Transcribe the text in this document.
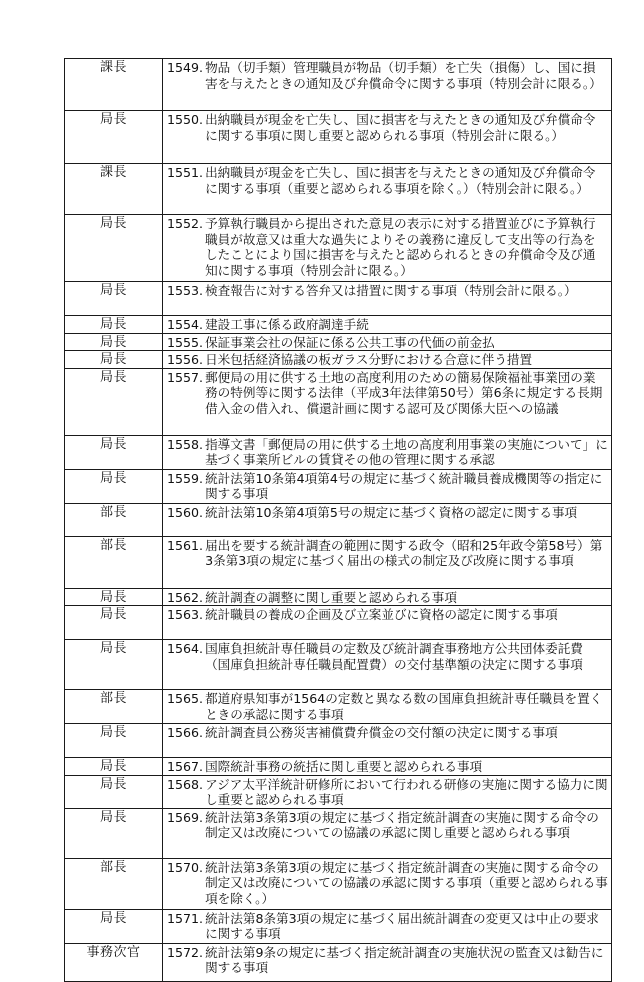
課長	1549. 物品（切手類）管理職員が物品（切手類）を亡失（損傷）し、国に損害を与えたときの通知及び弁償命令に関する事項（特別会計に限る。）

局長	1550. 出納職員が現金を亡失し、国に損害を与えたときの通知及び弁償命令に関する事項に関し重要と認められる事項（特別会計に限る。）

課長	1551. 出納職員が現金を亡失し、国に損害を与えたときの通知及び弁償命令に関する事項（重要と認められる事項を除く。）（特別会計に限る。）

局長	1552. 予算執行職員から提出された意見の表示に対する措置並びに予算執行職員が故意又は重大な過失によりその義務に違反して支出等の行為をしたことにより国に損害を与えたと認められるときの弁償命令及び通知に関する事項（特別会計に限る。）

局長	1553. 検査報告に対する答弁又は措置に関する事項（特別会計に限る。）

局長	1554. 建設工事に係る政府調達手続

局長	1555. 保証事業会社の保証に係る公共工事の代価の前金払

局長	1556. 日米包括経済協議の板ガラス分野における合意に伴う措置

局長	1557. 郵便局の用に供する土地の高度利用のための簡易保険福祉事業団の業務の特例等に関する法律（平成3年法律第50号）第6条に規定する長期借入金の借入れ、償還計画に関する認可及び関係大臣への協議

局長	1558. 指導文書「郵便局の用に供する土地の高度利用事業の実施について」に基づく事業所ビルの賃貸その他の管理に関する承認

局長	1559. 統計法第10条第4項第4号の規定に基づく統計職員養成機関等の指定に関する事項

部長	1560. 統計法第10条第4項第5号の規定に基づく資格の認定に関する事項

部長	1561. 届出を要する統計調査の範囲に関する政令（昭和25年政令第58号）第3条第3項の規定に基づく届出の様式の制定及び改廃に関する事項

局長	1562. 統計調査の調整に関し重要と認められる事項

局長	1563. 統計職員の養成の企画及び立案並びに資格の認定に関する事項

局長	1564. 国庫負担統計専任職員の定数及び統計調査事務地方公共団体委託費（国庫負担統計専任職員配置費）の交付基準額の決定に関する事項

部長	1565. 都道府県知事が1564の定数と異なる数の国庫負担統計専任職員を置くときの承認に関する事項

局長	1566. 統計調査員公務災害補償費弁償金の交付額の決定に関する事項

局長	1567. 国際統計事務の統括に関し重要と認められる事項

局長	1568. アジア太平洋統計研修所において行われる研修の実施に関する協力に関し重要と認められる事項

局長	1569. 統計法第3条第3項の規定に基づく指定統計調査の実施に関する命令の制定又は改廃についての協議の承認に関し重要と認められる事項

部長	1570. 統計法第3条第3項の規定に基づく指定統計調査の実施に関する命令の制定又は改廃についての協議の承認に関する事項（重要と認められる事項を除く。）

局長	1571. 統計法第8条第3項の規定に基づく届出統計調査の変更又は中止の要求に関する事項

事務次官	1572. 統計法第9条の規定に基づく指定統計調査の実施状況の監査又は勧告に関する事項
